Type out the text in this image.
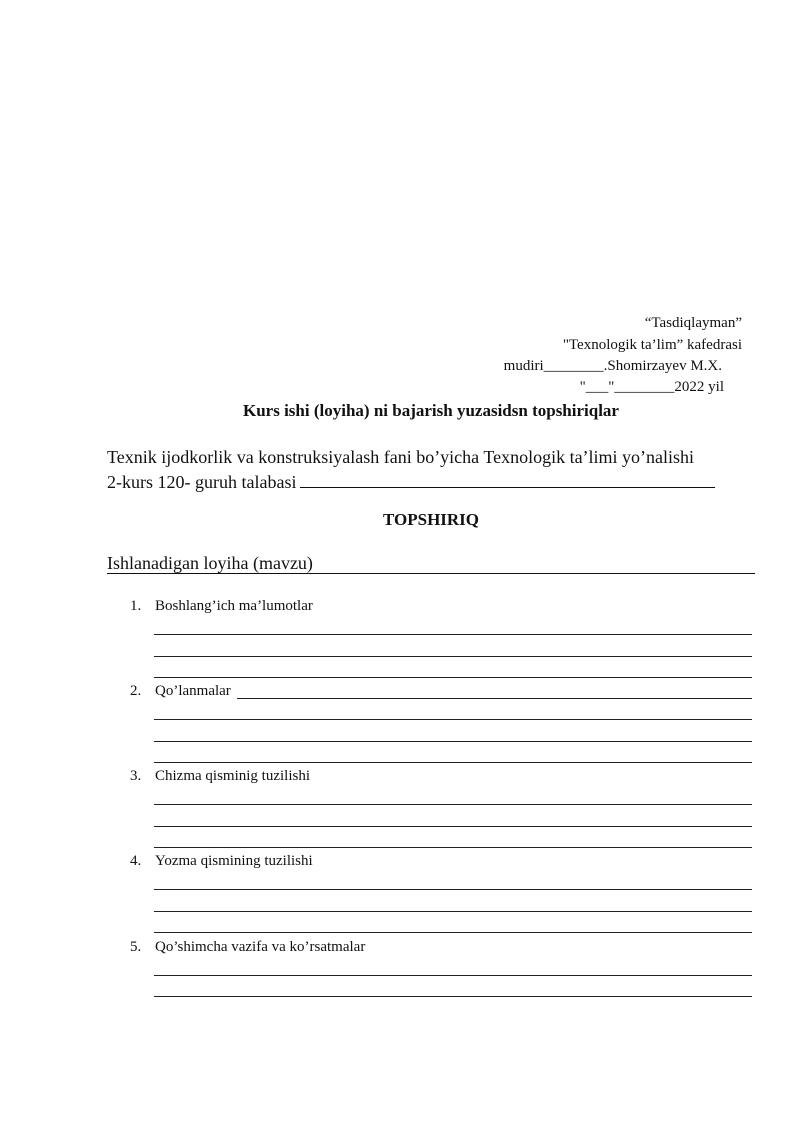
“Tasdiqlayman”
"Texnologik ta’lim” kafedrasi
mudiri________.Shomirzayev M.X.
"___"________2022 yil
Kurs ishi (loyiha) ni bajarish yuzasidsn topshiriqlar
Texnik ijodkorlik va konstruksiyalash fani bo’yicha Texnologik ta’limi yo’nalishi
2-kurs 120- guruh talabasi
TOPSHIRIQ
Ishlanadigan loyiha (mavzu)
1. Boshlang’ich ma’lumotlar
2. Qo’lanmalar
3. Chizma qisminig tuzilishi
4. Yozma qismining tuzilishi
5. Qo’shimcha vazifa va ko’rsatmalar
